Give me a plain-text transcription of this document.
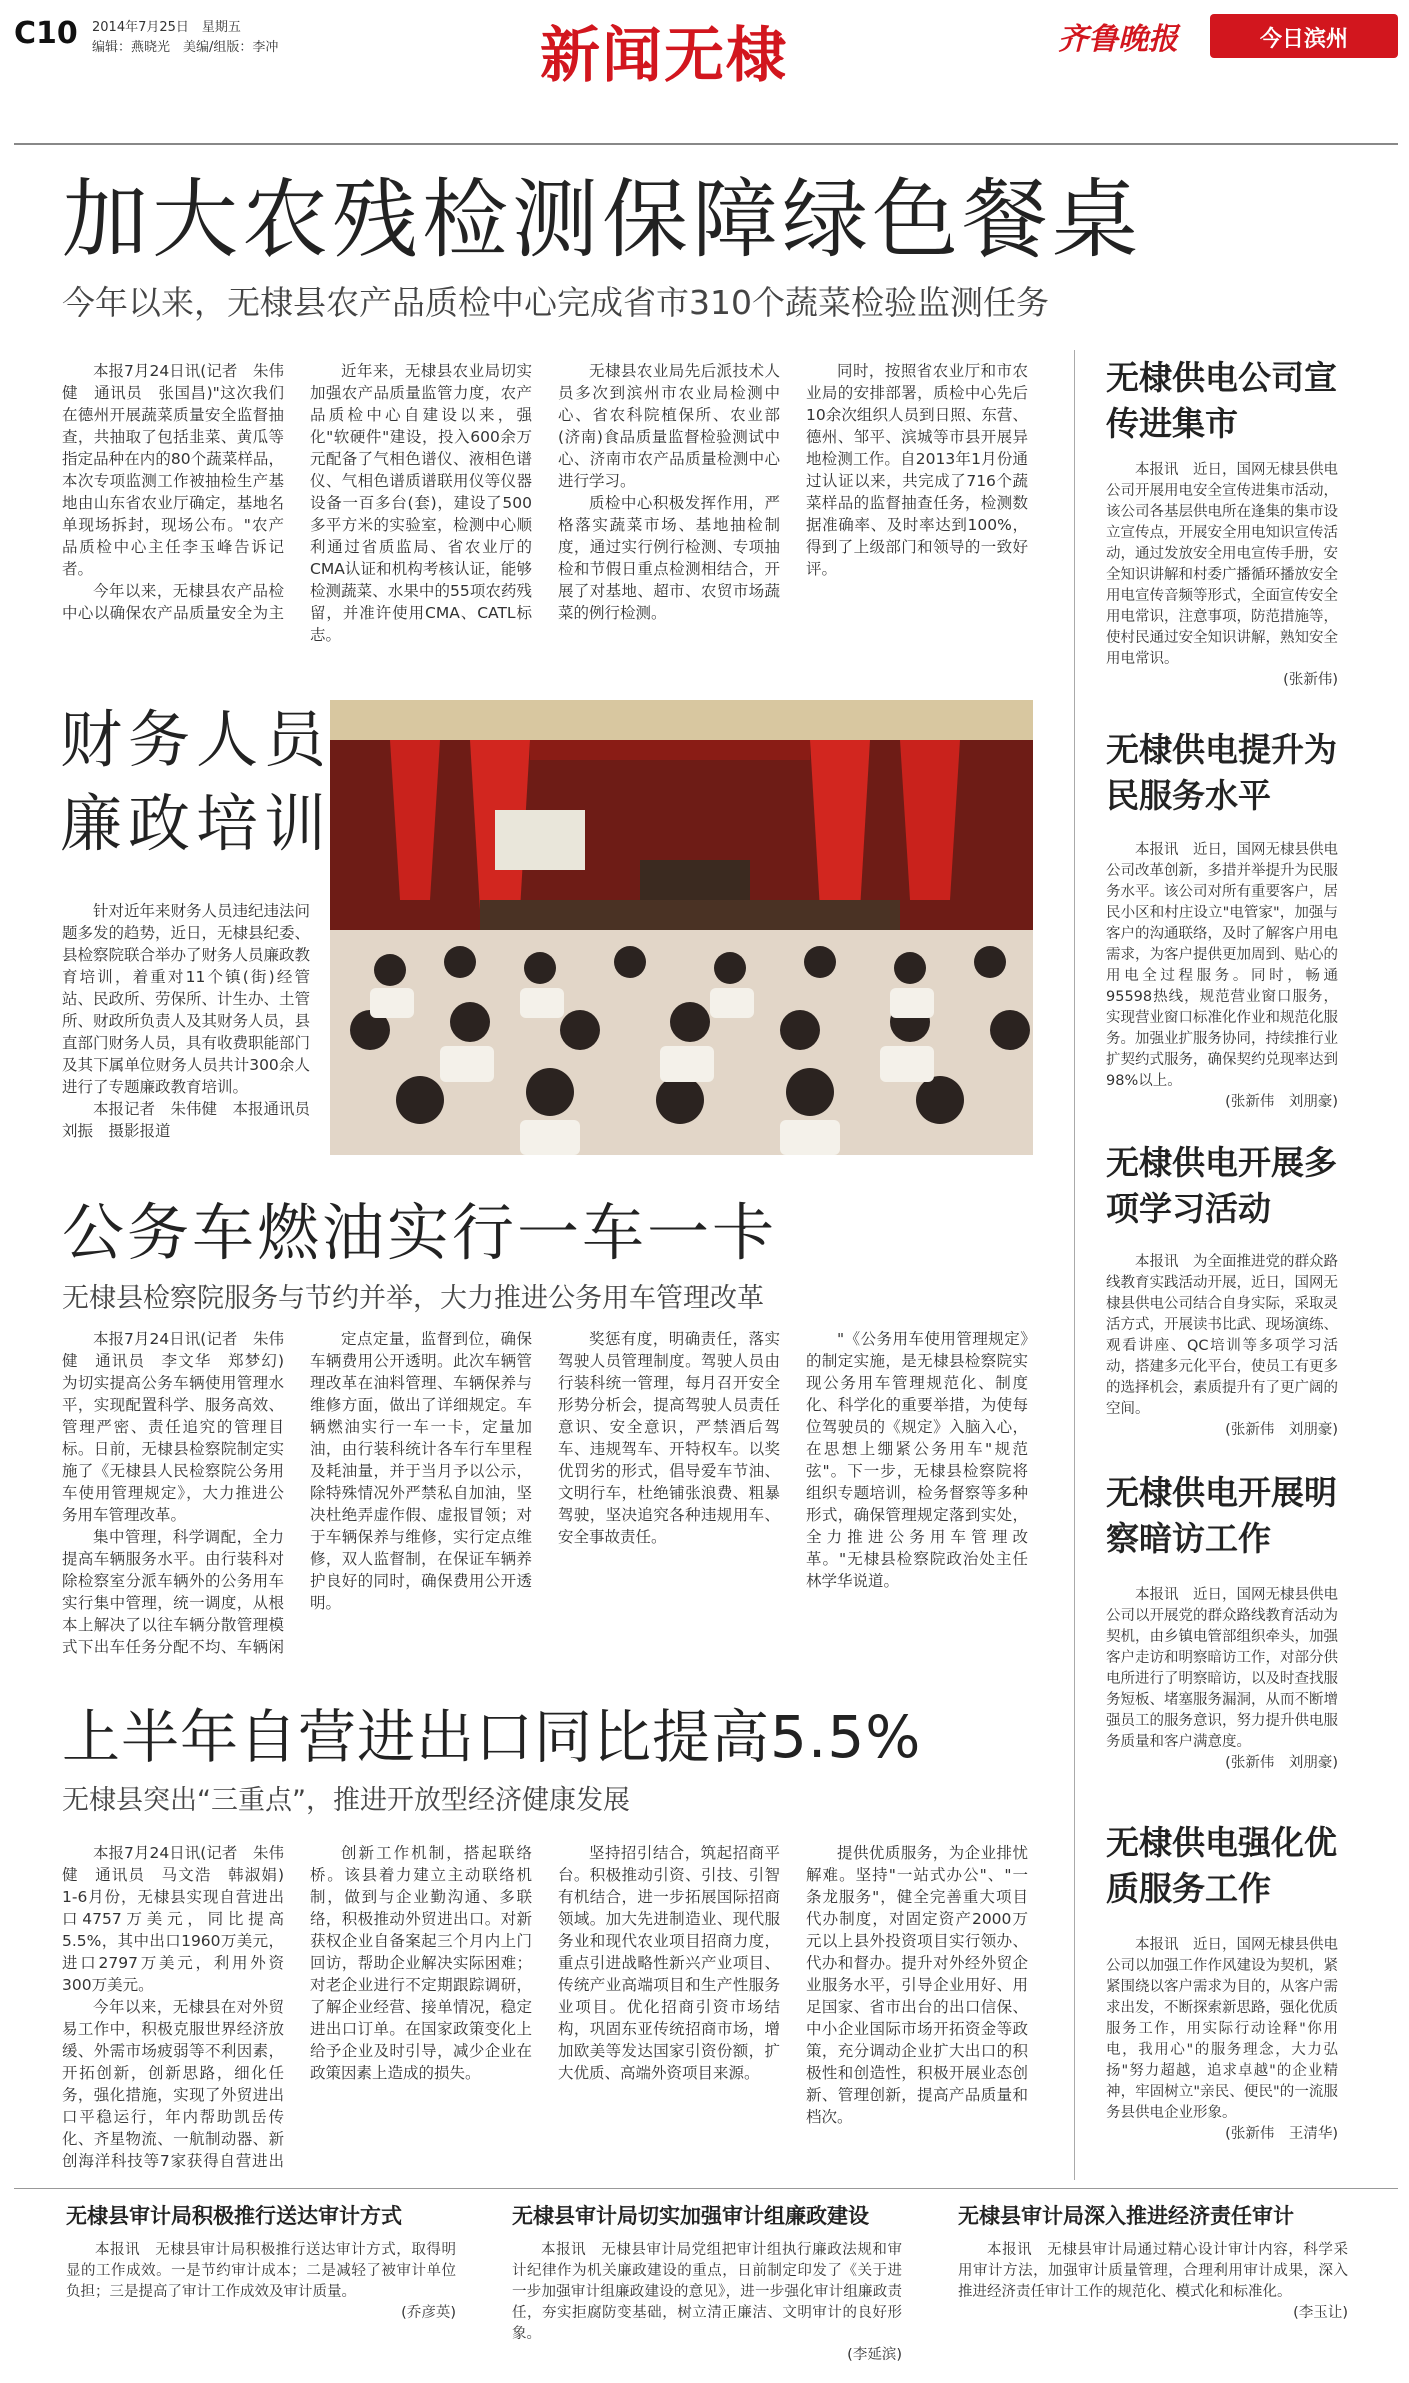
C10 2014年7月25日　星期五
编辑：燕晓光　美编/组版：李冲	新闻无棣	齐鲁晚报	今日滨州
加大农残检测保障绿色餐桌
今年以来，无棣县农产品质检中心完成省市310个蔬菜检验监测任务

本报7月24日讯(记者　朱伟健　通讯员　张国昌)"这次我们在德州开展蔬菜质量安全监督抽查，共抽取了包括韭菜、黄瓜等指定品种在内的80个蔬菜样品，本次专项监测工作被抽检生产基地由山东省农业厅确定，基地名单现场拆封，现场公布。"农产品质检中心主任李玉峰告诉记者。

今年以来，无棣县农产品检中心以确保农产品质量安全为主

近年来，无棣县农业局切实加强农产品质量监管力度，农产品质检中心自建设以来，强化"软硬件"建设，投入600余万元配备了气相色谱仪、液相色谱仪、气相色谱质谱联用仪等仪器设备一百多台(套)，建设了500多平方米的实验室，检测中心顺利通过省质监局、省农业厅的CMA认证和机构考核认证，能够检测蔬菜、水果中的55项农药残留，并准许使用CMA、CATL标志。

无棣县农业局先后派技术人员多次到滨州市农业局检测中心、省农科院植保所、农业部(济南)食品质量监督检验测试中心、济南市农产品质量检测中心进行学习。

质检中心积极发挥作用，严格落实蔬菜市场、基地抽检制度，通过实行例行检测、专项抽检和节假日重点检测相结合，开展了对基地、超市、农贸市场蔬菜的例行检测。

同时，按照省农业厅和市农业局的安排部署，质检中心先后10余次组织人员到日照、东营、德州、邹平、滨城等市县开展异地检测工作。自2013年1月份通过认证以来，共完成了716个蔬菜样品的监督抽查任务，检测数据准确率、及时率达到100%，得到了上级部门和领导的一致好评。

财务人员
廉政培训

针对近年来财务人员违纪违法问题多发的趋势，近日，无棣县纪委、县检察院联合举办了财务人员廉政教育培训，着重对11个镇(街)经管站、民政所、劳保所、计生办、土管所、财政所负责人及其财务人员，县直部门财务人员，具有收费职能部门及其下属单位财务人员共计300余人进行了专题廉政教育培训。

本报记者　朱伟健　本报通讯员　刘振　摄影报道

公务车燃油实行一车一卡
无棣县检察院服务与节约并举，大力推进公务用车管理改革

本报7月24日讯(记者　朱伟健　通讯员　李文华　郑梦幻)　为切实提高公务车辆使用管理水平，实现配置科学、服务高效、管理严密、责任追究的管理目标。日前，无棣县检察院制定实施了《无棣县人民检察院公务用车使用管理规定》，大力推进公务用车管理改革。

集中管理，科学调配，全力提高车辆服务水平。由行装科对除检察室分派车辆外的公务用车实行集中管理，统一调度，从根本上解决了以往车辆分散管理模式下出车任务分配不均、车辆闲

定点定量，监督到位，确保车辆费用公开透明。此次车辆管理改革在油料管理、车辆保养与维修方面，做出了详细规定。车辆燃油实行一车一卡，定量加油，由行装科统计各车行车里程及耗油量，并于当月予以公示，除特殊情况外严禁私自加油，坚决杜绝弄虚作假、虚报冒领；对于车辆保养与维修，实行定点维修，双人监督制，在保证车辆养护良好的同时，确保费用公开透明。

奖惩有度，明确责任，落实驾驶人员管理制度。驾驶人员由行装科统一管理，每月召开安全形势分析会，提高驾驶人员责任意识、安全意识，严禁酒后驾车、违规驾车、开特权车。以奖优罚劣的形式，倡导爱车节油、文明行车，杜绝铺张浪费、粗暴驾驶，坚决追究各种违规用车、安全事故责任。

"《公务用车使用管理规定》的制定实施，是无棣县检察院实现公务用车管理规范化、制度化、科学化的重要举措，为使每位驾驶员的《规定》入脑入心，在思想上绷紧公务用车"规范弦"。下一步，无棣县检察院将组织专题培训，检务督察等多种形式，确保管理规定落到实处，全力推进公务用车管理改革。"无棣县检察院政治处主任林学华说道。

上半年自营进出口同比提高5.5%
无棣县突出“三重点”，推进开放型经济健康发展

本报7月24日讯(记者　朱伟健　通讯员　马文浩　韩淑娟)　1-6月份，无棣县实现自营进出口4757万美元，同比提高5.5%，其中出口1960万美元，进口2797万美元，利用外资300万美元。

今年以来，无棣县在对外贸易工作中，积极克服世界经济放缓、外需市场疲弱等不利因素，开拓创新，创新思路，细化任务，强化措施，实现了外贸进出口平稳运行，年内帮助凯岳传化、齐星物流、一航制动器、新创海洋科技等7家获得自营进出

创新工作机制，搭起联络桥。该县着力建立主动联络机制，做到与企业勤沟通、多联络，积极推动外贸进出口。对新获权企业自备案起三个月内上门回访，帮助企业解决实际困难；对老企业进行不定期跟踪调研，了解企业经营、接单情况，稳定进出口订单。在国家政策变化上给予企业及时引导，减少企业在政策因素上造成的损失。

坚持招引结合，筑起招商平台。积极推动引资、引技、引智有机结合，进一步拓展国际招商领域。加大先进制造业、现代服务业和现代农业项目招商力度，重点引进战略性新兴产业项目、传统产业高端项目和生产性服务业项目。优化招商引资市场结构，巩固东亚传统招商市场，增加欧美等发达国家引资份额，扩大优质、高端外资项目来源。

提供优质服务，为企业排忧解难。坚持"一站式办公"、"一条龙服务"，健全完善重大项目代办制度，对固定资产2000万元以上县外投资项目实行领办、代办和督办。提升对外经外贸企业服务水平，引导企业用好、用足国家、省市出台的出口信保、中小企业国际市场开拓资金等政策，充分调动企业扩大出口的积极性和创造性，积极开展业态创新、管理创新，提高产品质量和档次。

无棣供电公司宣传进集市

本报讯　近日，国网无棣县供电公司开展用电安全宣传进集市活动，该公司各基层供电所在逢集的集市设立宣传点，开展安全用电知识宣传活动，通过发放安全用电宣传手册，安全知识讲解和村委广播循环播放安全用电宣传音频等形式，全面宣传安全用电常识，注意事项，防范措施等，使村民通过安全知识讲解，熟知安全用电常识。

(张新伟)
无棣供电提升为民服务水平

本报讯　近日，国网无棣县供电公司改革创新，多措并举提升为民服务水平。该公司对所有重要客户，居民小区和村庄设立"电管家"，加强与客户的沟通联络，及时了解客户用电需求，为客户提供更加周到、贴心的用电全过程服务。同时，畅通95598热线，规范营业窗口服务，实现营业窗口标准化作业和规范化服务。加强业扩服务协同，持续推行业扩契约式服务，确保契约兑现率达到98%以上。

(张新伟　刘朋豪)
无棣供电开展多项学习活动

本报讯　为全面推进党的群众路线教育实践活动开展，近日，国网无棣县供电公司结合自身实际，采取灵活方式，开展读书比武、现场演练、观看讲座、QC培训等多项学习活动，搭建多元化平台，使员工有更多的选择机会，素质提升有了更广阔的空间。

(张新伟　刘朋豪)
无棣供电开展明察暗访工作

本报讯　近日，国网无棣县供电公司以开展党的群众路线教育活动为契机，由乡镇电管部组织牵头，加强客户走访和明察暗访工作，对部分供电所进行了明察暗访，以及时查找服务短板、堵塞服务漏洞，从而不断增强员工的服务意识，努力提升供电服务质量和客户满意度。

(张新伟　刘朋豪)
无棣供电强化优质服务工作

本报讯　近日，国网无棣县供电公司以加强工作作风建设为契机，紧紧围绕以客户需求为目的，从客户需求出发，不断探索新思路，强化优质服务工作，用实际行动诠释"你用电，我用心"的服务理念，大力弘扬"努力超越，追求卓越"的企业精神，牢固树立"亲民、便民"的一流服务县供电企业形象。

(张新伟　王清华)
无棣县审计局积极推行送达审计方式

本报讯　无棣县审计局积极推行送达审计方式，取得明显的工作成效。一是节约审计成本；二是减轻了被审计单位负担；三是提高了审计工作成效及审计质量。

(乔彦英)
无棣县审计局切实加强审计组廉政建设

本报讯　无棣县审计局党组把审计组执行廉政法规和审计纪律作为机关廉政建设的重点，日前制定印发了《关于进一步加强审计组廉政建设的意见》，进一步强化审计组廉政责任，夯实拒腐防变基础，树立清正廉洁、文明审计的良好形象。

(李延滨)
无棣县审计局深入推进经济责任审计

本报讯　无棣县审计局通过精心设计审计内容，科学采用审计方法，加强审计质量管理，合理利用审计成果，深入推进经济责任审计工作的规范化、模式化和标准化。

(李玉让)
